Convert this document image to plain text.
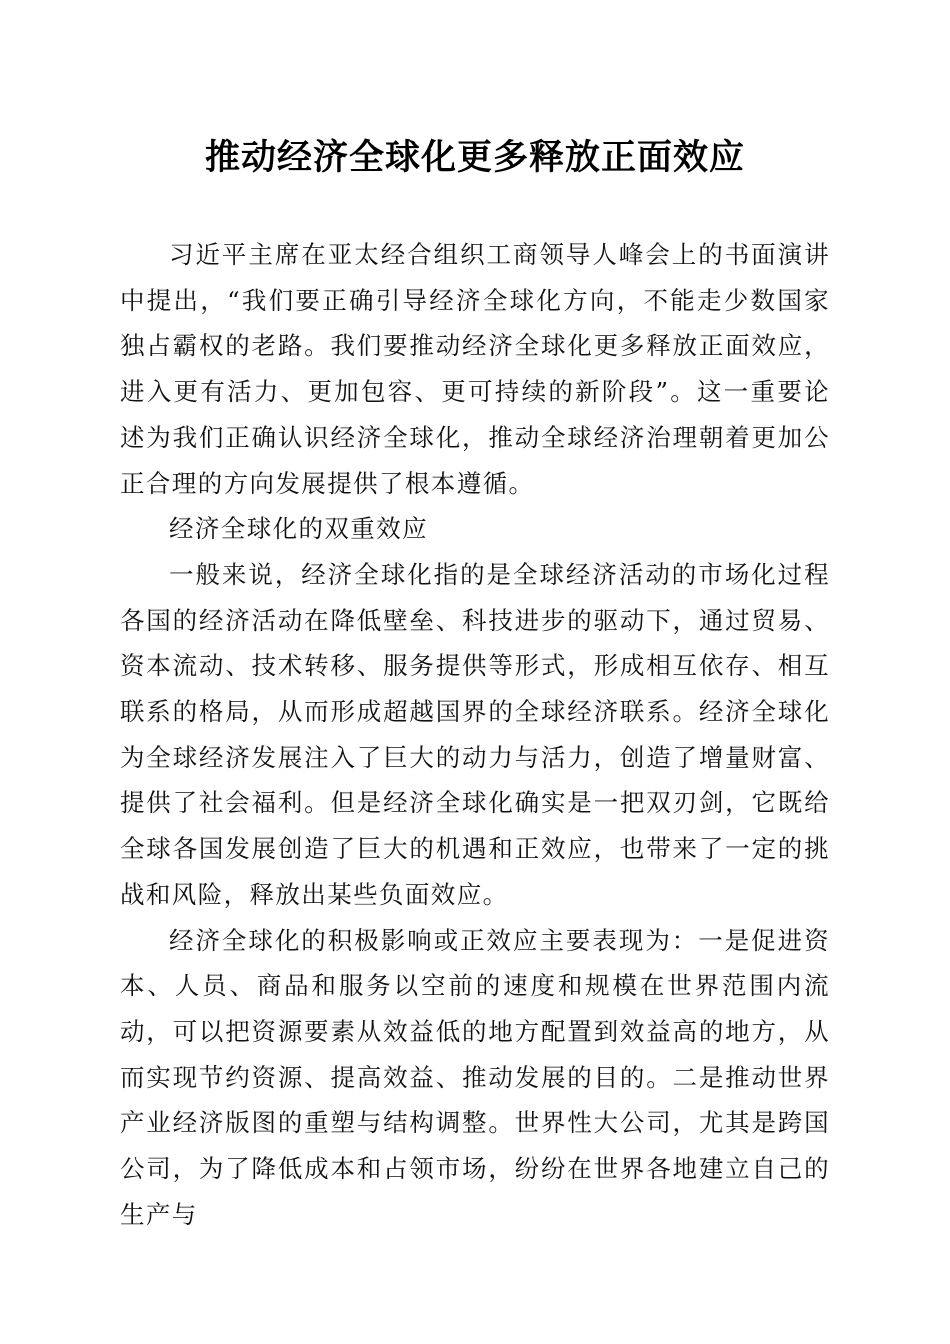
推动经济全球化更多释放正面效应

习近平主席在亚太经合组织工商领导人峰会上的书面演讲中提出，“我们要正确引导经济全球化方向，不能走少数国家独占霸权的老路。我们要推动经济全球化更多释放正面效应，进入更有活力、更加包容、更可持续的新阶段”。这一重要论述为我们正确认识经济全球化，推动全球经济治理朝着更加公正合理的方向发展提供了根本遵循。

经济全球化的双重效应

一般来说，经济全球化指的是全球经济活动的市场化过程各国的经济活动在降低壁垒、科技进步的驱动下，通过贸易、资本流动、技术转移、服务提供等形式，形成相互依存、相互联系的格局，从而形成超越国界的全球经济联系。经济全球化为全球经济发展注入了巨大的动力与活力，创造了增量财富、提供了社会福利。但是经济全球化确实是一把双刃剑，它既给全球各国发展创造了巨大的机遇和正效应，也带来了一定的挑战和风险，释放出某些负面效应。

经济全球化的积极影响或正效应主要表现为：一是促进资本、人员、商品和服务以空前的速度和规模在世界范围内流动，可以把资源要素从效益低的地方配置到效益高的地方，从而实现节约资源、提高效益、推动发展的目的。二是推动世界产业经济版图的重塑与结构调整。世界性大公司，尤其是跨国公司，为了降低成本和占领市场，纷纷在世界各地建立自己的生产与
